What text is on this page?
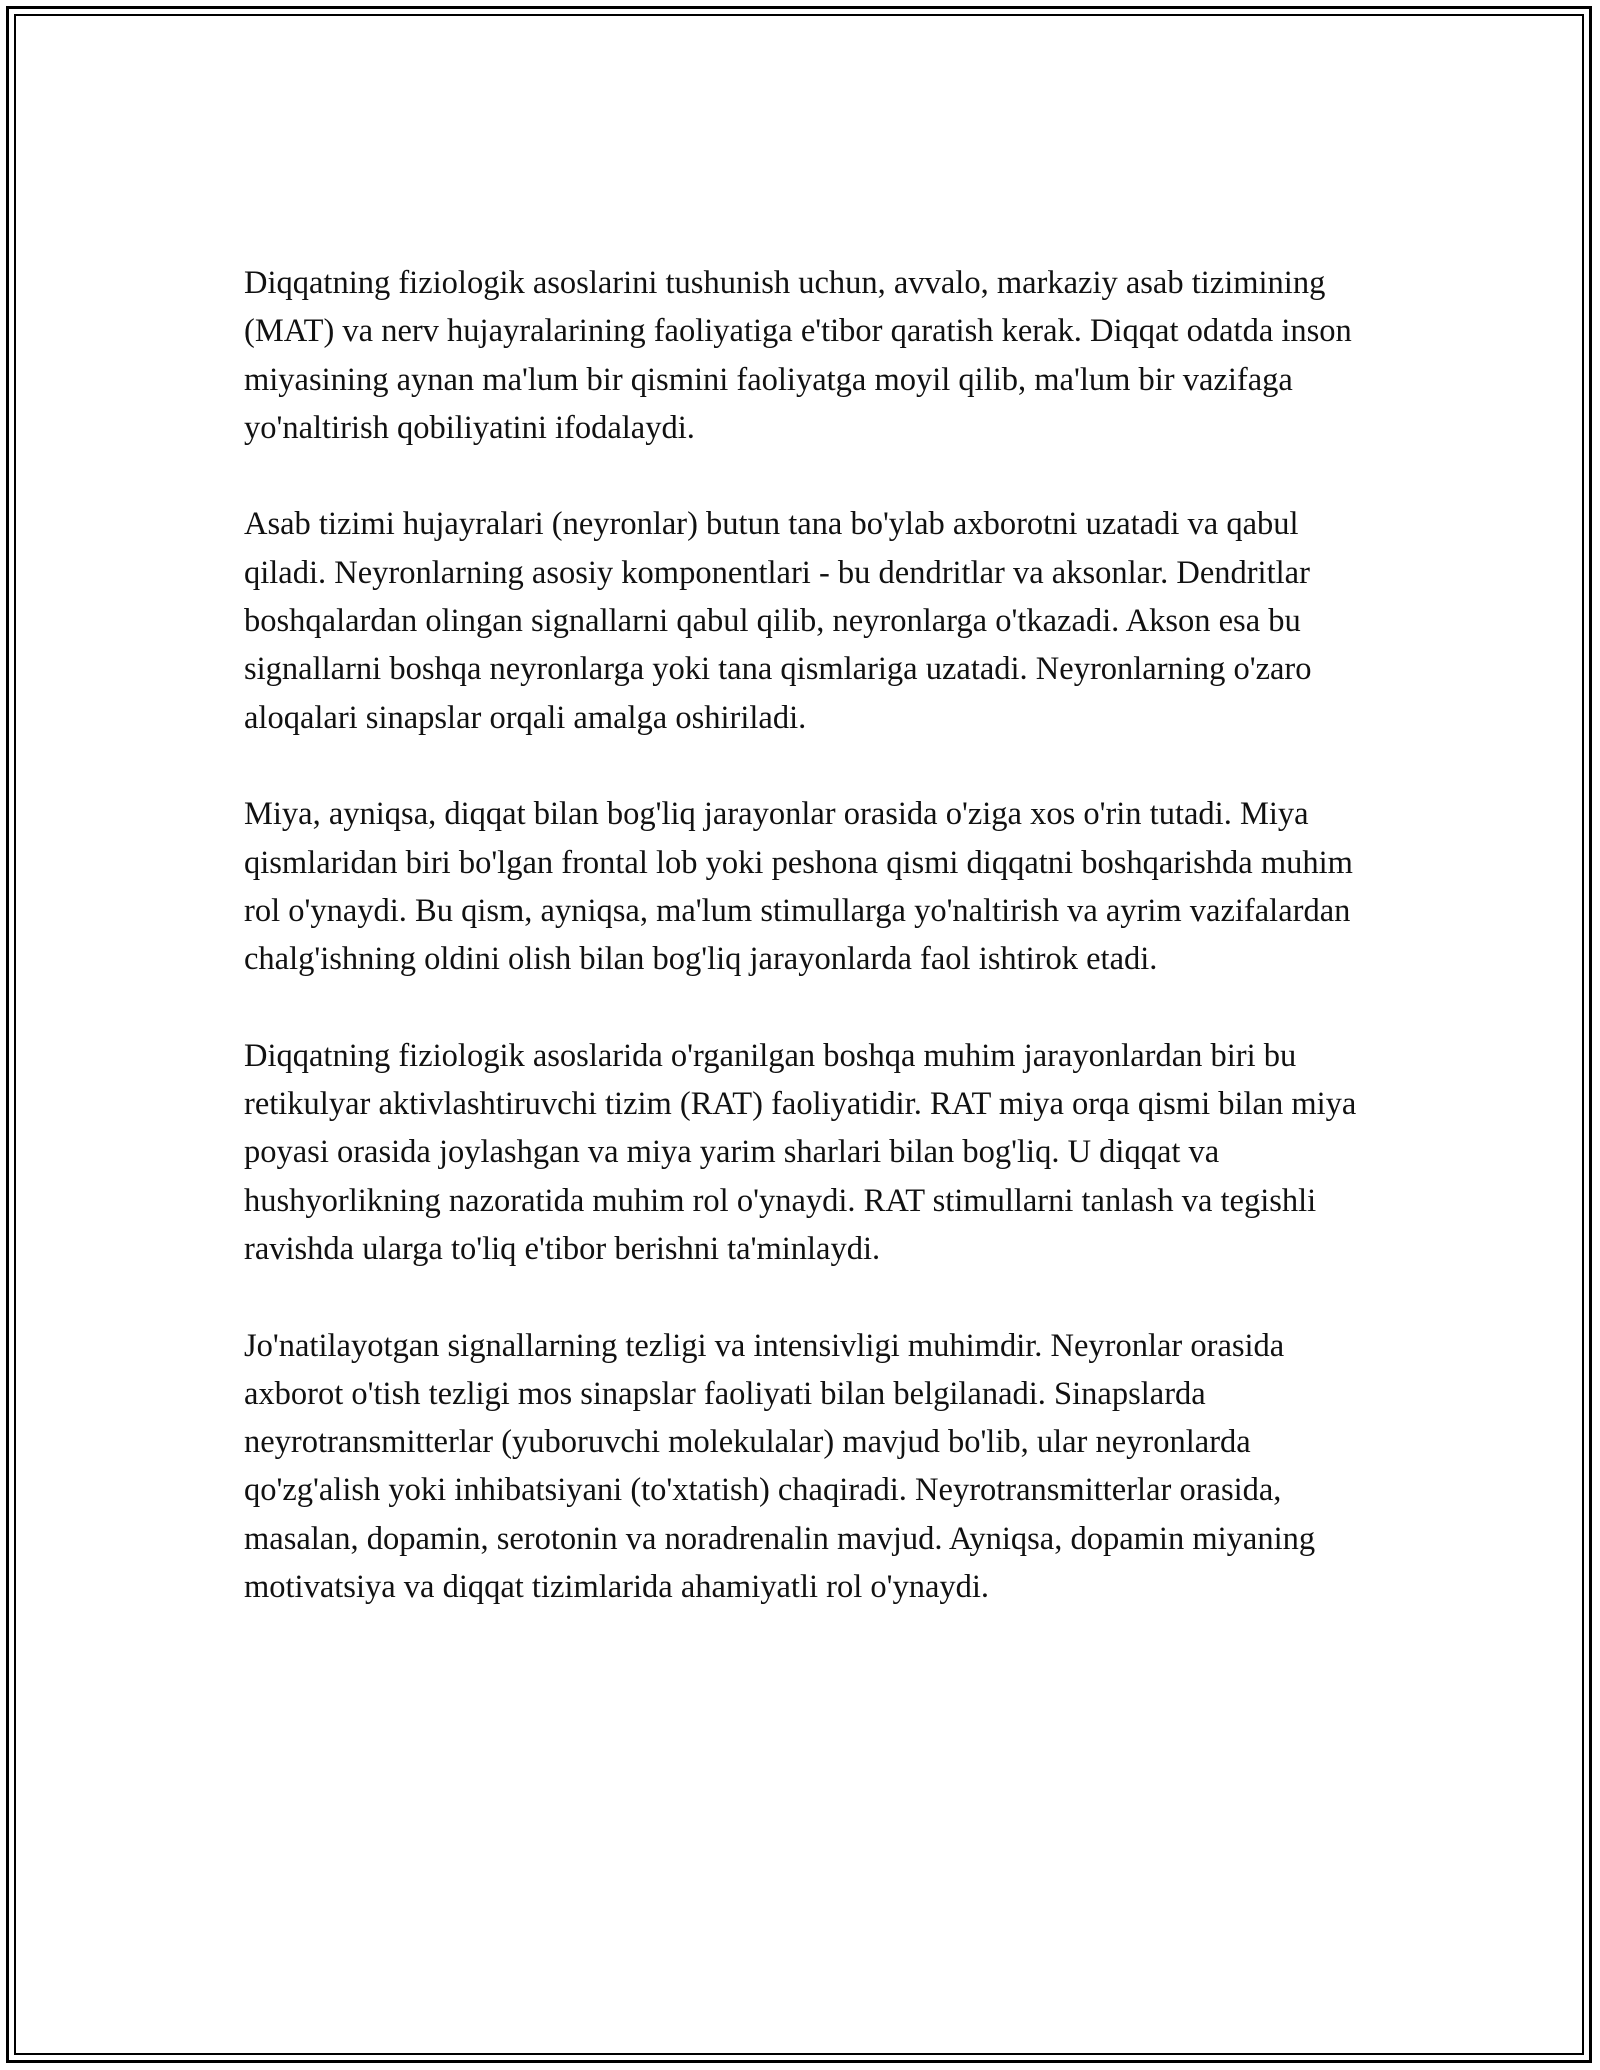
Diqqatning fiziologik asoslarini tushunish uchun, avvalo, markaziy asab tizimining (MAT) va nerv hujayralarining faoliyatiga e'tibor qaratish kerak. Diqqat odatda inson miyasining aynan ma'lum bir qismini faoliyatga moyil qilib, ma'lum bir vazifaga yo'naltirish qobiliyatini ifodalaydi.

Asab tizimi hujayralari (neyronlar) butun tana bo'ylab axborotni uzatadi va qabul qiladi. Neyronlarning asosiy komponentlari - bu dendritlar va aksonlar. Dendritlar boshqalardan olingan signallarni qabul qilib, neyronlarga o'tkazadi. Akson esa bu signallarni boshqa neyronlarga yoki tana qismlariga uzatadi. Neyronlarning o'zaro aloqalari sinapslar orqali amalga oshiriladi.

Miya, ayniqsa, diqqat bilan bog'liq jarayonlar orasida o'ziga xos o'rin tutadi. Miya qismlaridan biri bo'lgan frontal lob yoki peshona qismi diqqatni boshqarishda muhim rol o'ynaydi. Bu qism, ayniqsa, ma'lum stimullarga yo'naltirish va ayrim vazifalardan chalg'ishning oldini olish bilan bog'liq jarayonlarda faol ishtirok etadi.

Diqqatning fiziologik asoslarida o'rganilgan boshqa muhim jarayonlardan biri bu retikulyar aktivlashtiruvchi tizim (RAT) faoliyatidir. RAT miya orqa qismi bilan miya poyasi orasida joylashgan va miya yarim sharlari bilan bog'liq. U diqqat va hushyorlikning nazoratida muhim rol o'ynaydi. RAT stimullarni tanlash va tegishli ravishda ularga to'liq e'tibor berishni ta'minlaydi.

Jo'natilayotgan signallarning tezligi va intensivligi muhimdir. Neyronlar orasida axborot o'tish tezligi mos sinapslar faoliyati bilan belgilanadi. Sinapslarda neyrotransmitterlar (yuboruvchi molekulalar) mavjud bo'lib, ular neyronlarda qo'zg'alish yoki inhibatsiyani (to'xtatish) chaqiradi. Neyrotransmitterlar orasida, masalan, dopamin, serotonin va noradrenalin mavjud. Ayniqsa, dopamin miyaning motivatsiya va diqqat tizimlarida ahamiyatli rol o'ynaydi.
